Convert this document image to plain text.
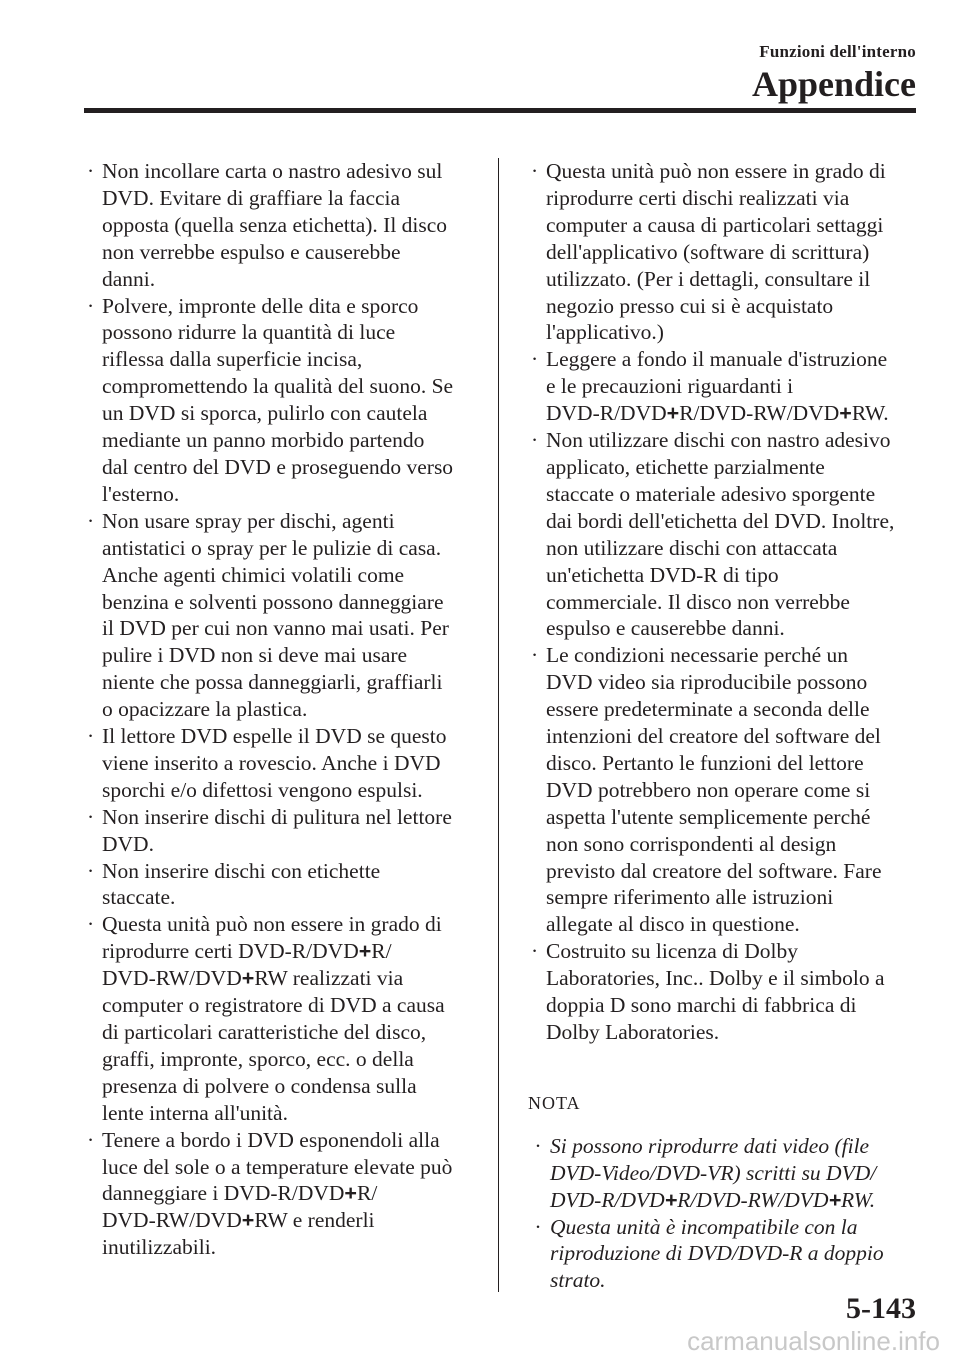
Funzioni dell'interno
Appendice
· Non incollare carta o nastro adesivo sul
DVD. Evitare di graffiare la faccia
opposta (quella senza etichetta). Il disco
non verrebbe espulso e causerebbe
danni.
· Polvere, impronte delle dita e sporco
possono ridurre la quantità di luce
riflessa dalla superficie incisa,
compromettendo la qualità del suono. Se
un DVD si sporca, pulirlo con cautela
mediante un panno morbido partendo
dal centro del DVD e proseguendo verso
l'esterno.
· Non usare spray per dischi, agenti
antistatici o spray per le pulizie di casa.
Anche agenti chimici volatili come
benzina e solventi possono danneggiare
il DVD per cui non vanno mai usati. Per
pulire i DVD non si deve mai usare
niente che possa danneggiarli, graffiarli
o opacizzare la plastica.
· Il lettore DVD espelle il DVD se questo
viene inserito a rovescio. Anche i DVD
sporchi e/o difettosi vengono espulsi.
· Non inserire dischi di pulitura nel lettore
DVD.
· Non inserire dischi con etichette
staccate.
· Questa unità può non essere in grado di
riprodurre certi DVD-R/DVD+R/
DVD-RW/DVD+RW realizzati via
computer o registratore di DVD a causa
di particolari caratteristiche del disco,
graffi, impronte, sporco, ecc. o della
presenza di polvere o condensa sulla
lente interna all'unità.
· Tenere a bordo i DVD esponendoli alla
luce del sole o a temperature elevate può
danneggiare i DVD-R/DVD+R/
DVD-RW/DVD+RW e renderli
inutilizzabili.
· Questa unità può non essere in grado di
riprodurre certi dischi realizzati via
computer a causa di particolari settaggi
dell'applicativo (software di scrittura)
utilizzato. (Per i dettagli, consultare il
negozio presso cui si è acquistato
l'applicativo.)
· Leggere a fondo il manuale d'istruzione
e le precauzioni riguardanti i
DVD-R/DVD+R/DVD-RW/DVD+RW.
· Non utilizzare dischi con nastro adesivo
applicato, etichette parzialmente
staccate o materiale adesivo sporgente
dai bordi dell'etichetta del DVD. Inoltre,
non utilizzare dischi con attaccata
un'etichetta DVD-R di tipo
commerciale. Il disco non verrebbe
espulso e causerebbe danni.
· Le condizioni necessarie perché un
DVD video sia riproducibile possono
essere predeterminate a seconda delle
intenzioni del creatore del software del
disco. Pertanto le funzioni del lettore
DVD potrebbero non operare come si
aspetta l'utente semplicemente perché
non sono corrispondenti al design
previsto dal creatore del software. Fare
sempre riferimento alle istruzioni
allegate al disco in questione.
· Costruito su licenza di Dolby
Laboratories, Inc.. Dolby e il simbolo a
doppia D sono marchi di fabbrica di
Dolby Laboratories.
NOTA
· Si possono riprodurre dati video (file
DVD-Video/DVD-VR) scritti su DVD/
DVD-R/DVD+R/DVD-RW/DVD+RW.
· Questa unità è incompatibile con la
riproduzione di DVD/DVD-R a doppio
strato.
5-143
carmanualsonline.info
